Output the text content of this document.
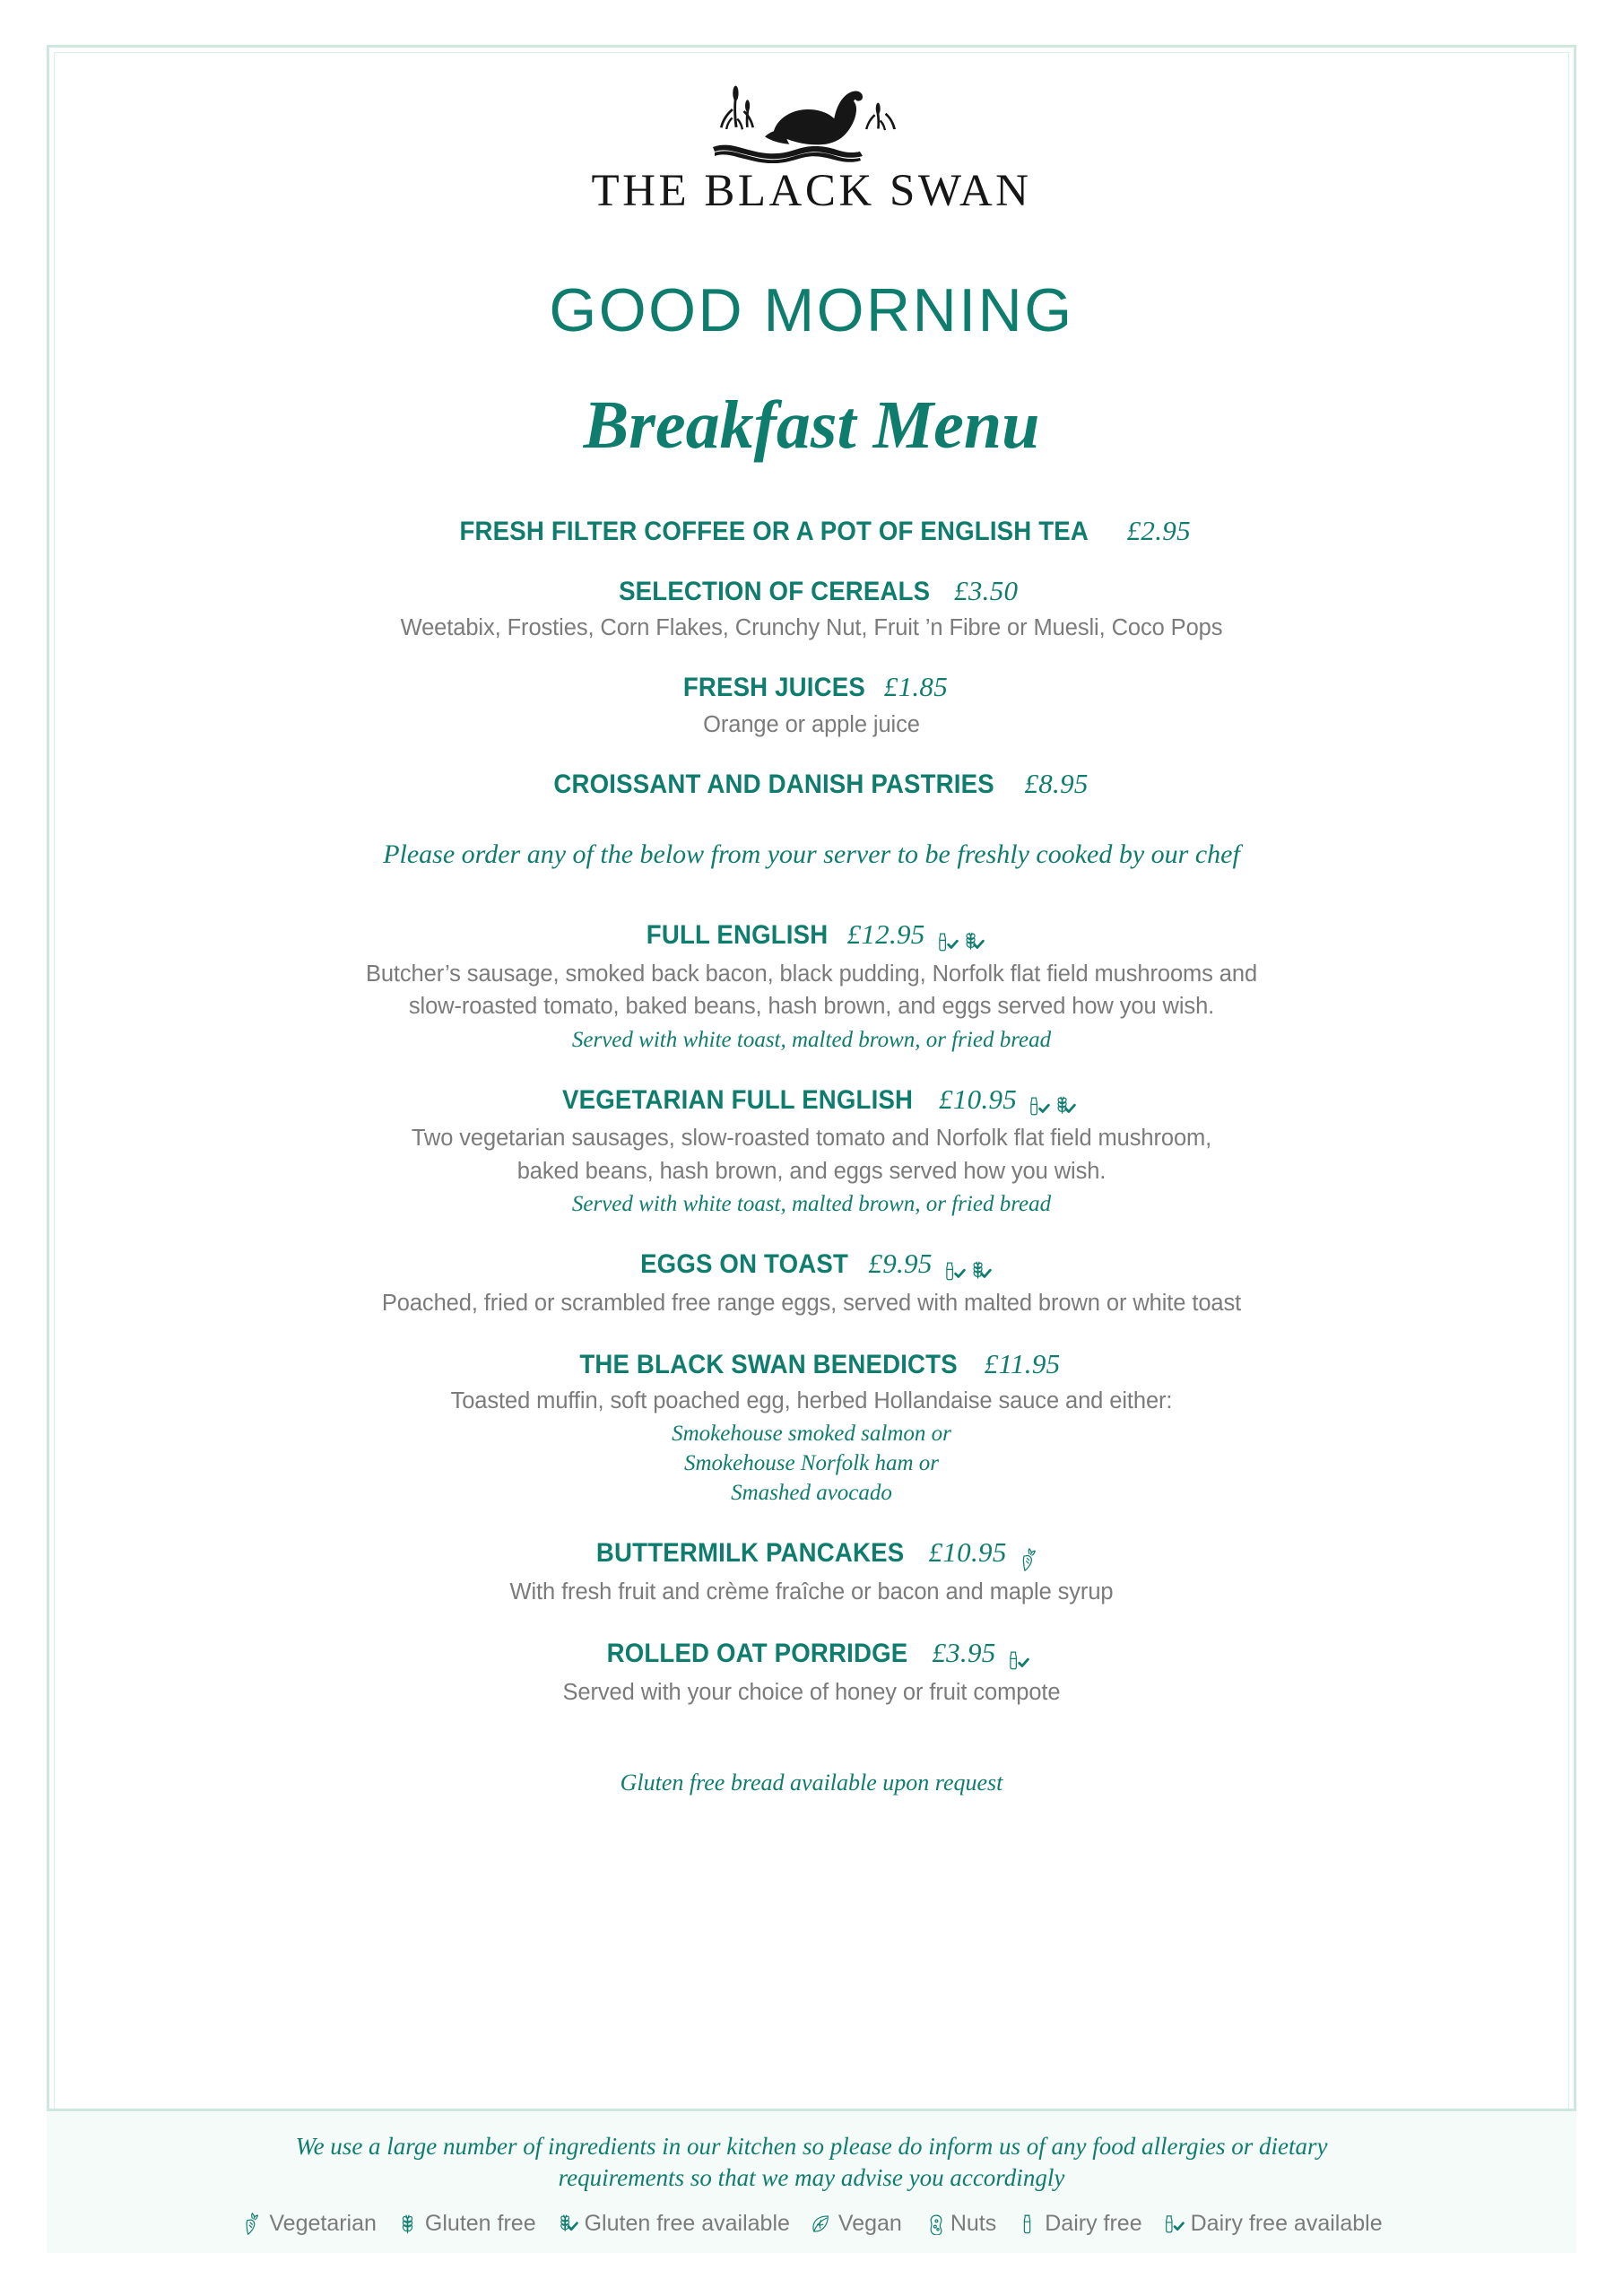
THE BLACK SWAN
GOOD MORNING
Breakfast Menu
FRESH FILTER COFFEE OR A POT OF ENGLISH TEA £2.95
SELECTION OF CEREALS £3.50
Weetabix, Frosties, Corn Flakes, Crunchy Nut, Fruit ’n Fibre or Muesli, Coco Pops
FRESH JUICES £1.85
Orange or apple juice
CROISSANT AND DANISH PASTRIES £8.95
Please order any of the below from your server to be freshly cooked by our chef
FULL ENGLISH £12.95
Butcher’s sausage, smoked back bacon, black pudding, Norfolk flat field mushrooms and
slow-roasted tomato, baked beans, hash brown, and eggs served how you wish.
Served with white toast, malted brown, or fried bread
VEGETARIAN FULL ENGLISH £10.95
Two vegetarian sausages, slow-roasted tomato and Norfolk flat field mushroom,
baked beans, hash brown, and eggs served how you wish.
Served with white toast, malted brown, or fried bread
EGGS ON TOAST £9.95
Poached, fried or scrambled free range eggs, served with malted brown or white toast
THE BLACK SWAN BENEDICTS £11.95
Toasted muffin, soft poached egg, herbed Hollandaise sauce and either:
Smokehouse smoked salmon or
Smokehouse Norfolk ham or
Smashed avocado
BUTTERMILK PANCAKES £10.95
With fresh fruit and crème fraîche or bacon and maple syrup
ROLLED OAT PORRIDGE £3.95
Served with your choice of honey or fruit compote
Gluten free bread available upon request
We use a large number of ingredients in our kitchen so please do inform us of any food allergies or dietary
requirements so that we may advise you accordingly
Vegetarian Gluten free Gluten free available Vegan Nuts Dairy free Dairy free available
